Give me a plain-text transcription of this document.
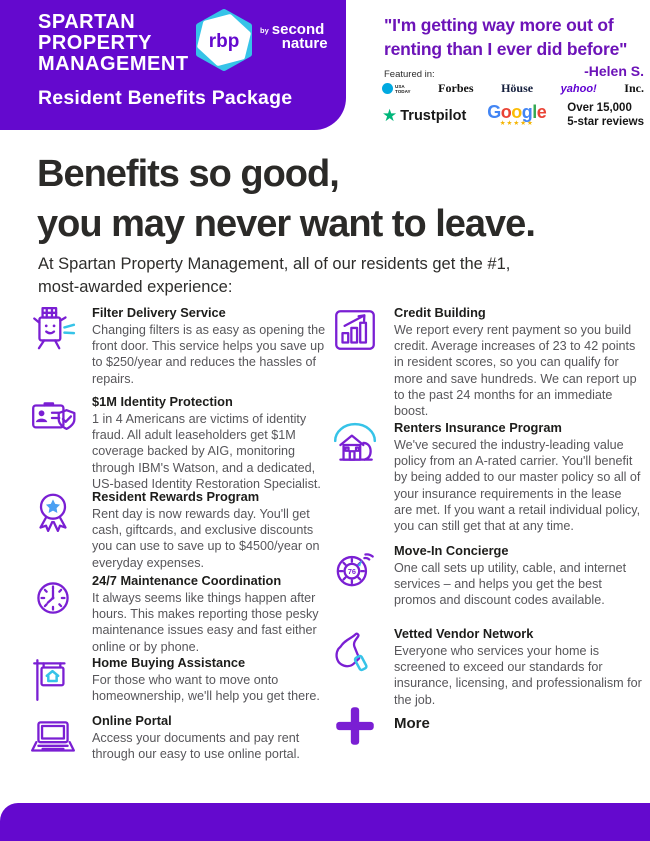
SPARTAN
PROPERTY
MANAGEMENT
rbp
by second
nature
Resident Benefits Package
"I'm getting way more out of renting than I ever did before"
-Helen S.
Featured in:
USA
TODAY Forbes Höuse	yahoo! Inc.
★ Trustpilot Google
★★★★★
Over 15,000
5-star reviews
Benefits so good,
you may never want to leave.
At Spartan Property Management, all of our residents get the #1,
most-awarded experience:
Filter Delivery Service
Changing filters is as easy as opening the front door. This service helps you save up to $250/year and reduces the hassles of repairs.
$1M Identity Protection
1 in 4 Americans are victims of identity fraud. All adult leaseholders get $1M coverage backed by AIG, monitoring through IBM's Watson, and a dedicated, US-based Identity Restoration Specialist.
Resident Rewards Program
Rent day is now rewards day. You'll get cash, giftcards, and exclusive discounts you can use to save up to $4500/year on everyday expenses.
24/7 Maintenance Coordination
It always seems like things happen after hours. This makes reporting those pesky maintenance issues easy and fast either online or by phone.
Home Buying Assistance
For those who want to move onto homeownership, we'll help you get there.
Online Portal
Access your documents and pay rent through our easy to use online portal.
Credit Building
We report every rent payment so you build credit. Average increases of 23 to 42 points in resident scores, so you can qualify for more and save hundreds. We can report up to the past 24 months for an immediate boost.
Renters Insurance Program
We've secured the industry-leading value policy from an A-rated carrier. You'll benefit by being added to our master policy so all of your insurance requirements in the lease are met. If you want a retail individual policy, you can still get that at any time.
76
Move-In Concierge
One call sets up utility, cable, and internet services – and helps you get the best promos and discount codes available.
Vetted Vendor Network
Everyone who services your home is screened to exceed our standards for insurance, licensing, and professionalism for the job.
More
